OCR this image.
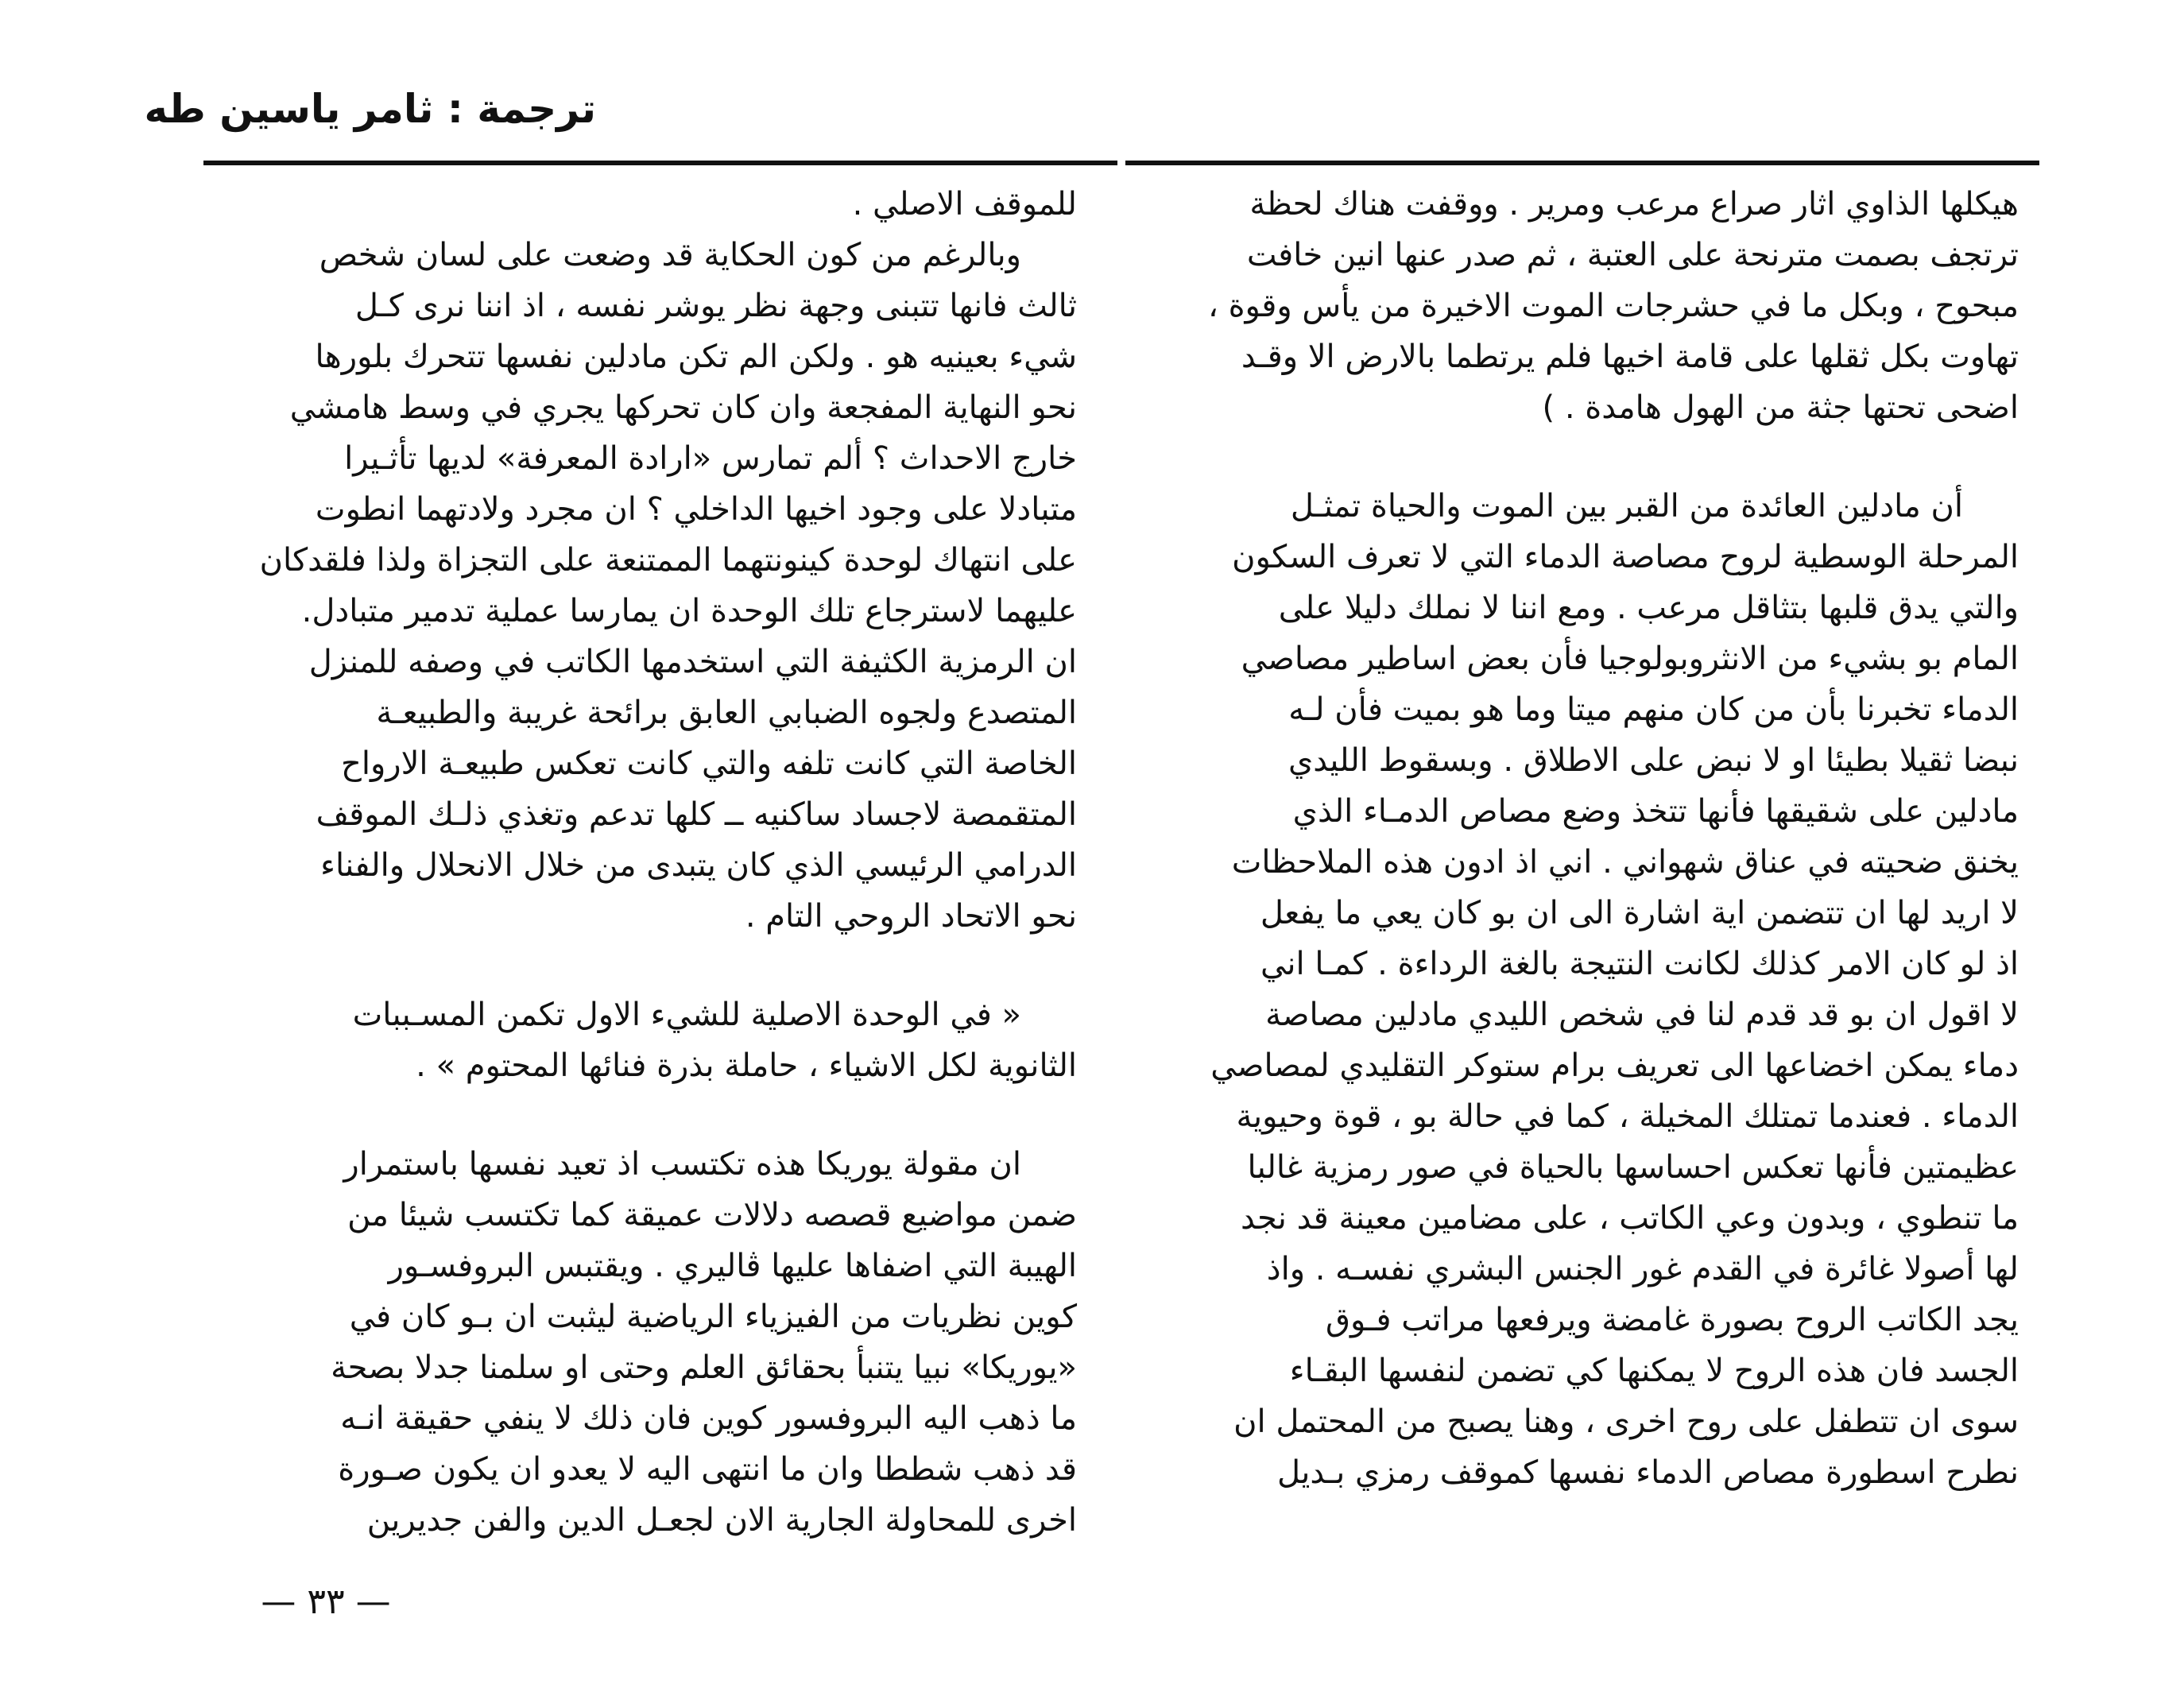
ترجمة : ثامر ياسين طه

هيكلها الذاوي اثار صراع مرعب ومرير . ووقفت هناك لحظة

ترتجف بصمت مترنحة على العتبة ، ثم صدر عنها انين خافت

مبحوح ، وبكل ما في حشرجات الموت الاخيرة من يأس وقوة ،

تهاوت بكل ثقلها على قامة اخيها فلم يرتطما بالارض الا وقـد

اضحى تحتها جثة من الهول هامدة . )

أن مادلين العائدة من القبر بين الموت والحياة تمثـل

المرحلة الوسطية لروح مصاصة الدماء التي لا تعرف السكون

والتي يدق قلبها بتثاقل مرعب . ومع اننا لا نملك دليلا على

المام بو بشيء من الانثروبولوجيا فأن بعض اساطير مصاصي

الدماء تخبرنا بأن من كان منهم ميتا وما هو بميت فأن لـه

نبضا ثقيلا بطيئا او لا نبض على الاطلاق . وبسقوط الليدي

مادلين على شقيقها فأنها تتخذ وضع مصاص الدمـاء الذي

يخنق ضحيته في عناق شهواني . اني اذ ادون هذه الملاحظات

لا اريد لها ان تتضمن اية اشارة الى ان بو كان يعي ما يفعل

اذ لو كان الامر كذلك لكانت النتيجة بالغة الرداءة . كمـا اني

لا اقول ان بو قد قدم لنا في شخص الليدي مادلين مصاصة

دماء يمكن اخضاعها الى تعريف برام ستوكر التقليدي لمصاصي

الدماء . فعندما تمتلك المخيلة ، كما في حالة بو ، قوة وحيوية

عظيمتين فأنها تعكس احساسها بالحياة في صور رمزية غالبا

ما تنطوي ، وبدون وعي الكاتب ، على مضامين معينة قد نجد

لها أصولا غائرة في القدم غور الجنس البشري نفسـه . واذ

يجد الكاتب الروح بصورة غامضة ويرفعها مراتب فـوق

الجسد فان هذه الروح لا يمكنها كي تضمن لنفسها البقـاء

سوى ان تتطفل على روح اخرى ، وهنا يصبح من المحتمل ان

نطرح اسطورة مصاص الدماء نفسها كموقف رمزي بـديل

للموقف الاصلي .

وبالرغم من كون الحكاية قد وضعت على لسان شخص

ثالث فانها تتبنى وجهة نظر يوشر نفسه ، اذ اننا نرى كـل

شيء بعينيه هو . ولكن الم تكن مادلين نفسها تتحرك بلورها

نحو النهاية المفجعة وان كان تحركها يجري في وسط هامشي

خارج الاحداث ؟ ألم تمارس «ارادة المعرفة» لديها تأثـيرا

متبادلا على وجود اخيها الداخلي ؟ ان مجرد ولادتهما انطوت

على انتهاك لوحدة كينونتهما الممتنعة على التجزاة ولذا فلقدكان

عليهما لاسترجاع تلك الوحدة ان يمارسا عملية تدمير متبادل.

ان الرمزية الكثيفة التي استخدمها الكاتب في وصفه للمنزل

المتصدع ولجوه الضبابي العابق برائحة غريبة والطبيعـة

الخاصة التي كانت تلفه والتي كانت تعكس طبيعـة الارواح

المتقمصة لاجساد ساكنيه ــ كلها تدعم وتغذي ذلـك الموقف

الدرامي الرئيسي الذي كان يتبدى من خلال الانحلال والفناء

نحو الاتحاد الروحي التام .

« في الوحدة الاصلية للشيء الاول تكمن المسـببات

الثانوية لكل الاشياء ، حاملة بذرة فنائها المحتوم » .

ان مقولة يوريكا هذه تكتسب اذ تعيد نفسها باستمرار

ضمن مواضيع قصصه دلالات عميقة كما تكتسب شيئا من

الهيبة التي اضفاها عليها ڤاليري . ويقتبس البروفسـور

كوين نظريات من الفيزياء الرياضية ليثبت ان بـو كان في

«يوريكا» نبيا يتنبأ بحقائق العلم وحتى او سلمنا جدلا بصحة

ما ذهب اليه البروفسور كوين فان ذلك لا ينفي حقيقة انـه

قد ذهب شططا وان ما انتهى اليه لا يعدو ان يكون صـورة

اخرى للمحاولة الجارية الان لجعـل الدين والفن جديرين

— ٣٣ —
